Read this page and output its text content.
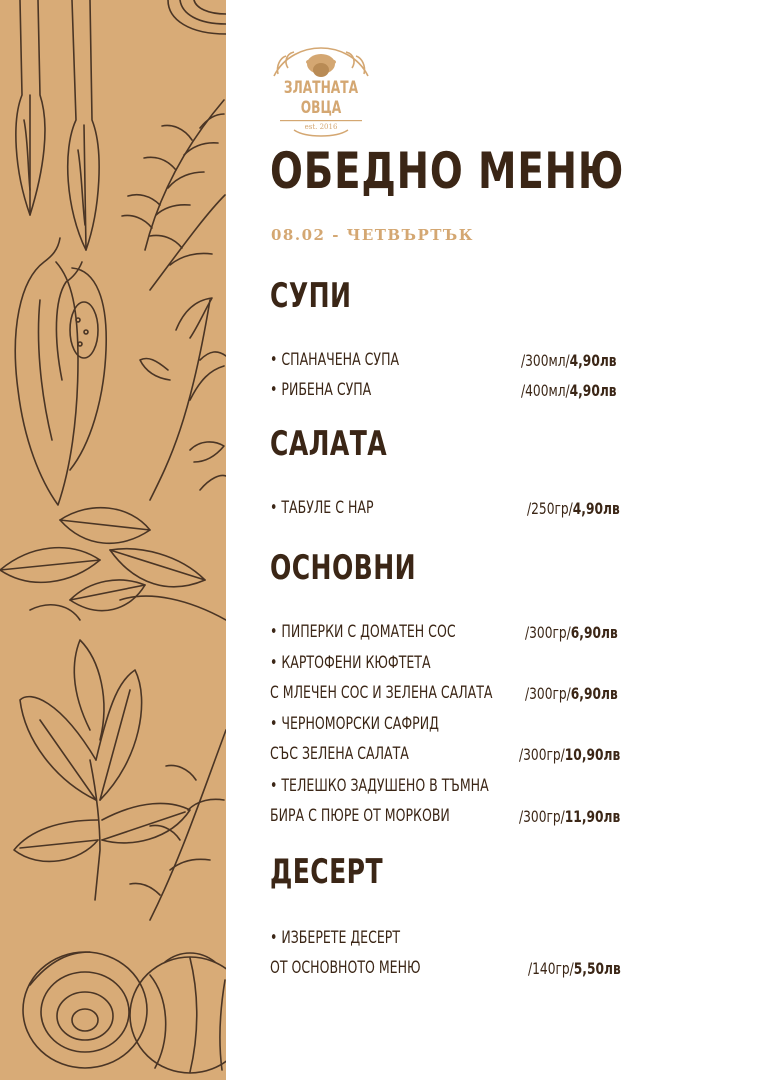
ЗЛАТНАТА
ОВЦА
est. 2016
ОБЕДНО МЕНЮ
08.02 - ЧЕТВЪРТЪК
СУПИ
• СПАНАЧЕНА СУПА	/300мл/4,90лв
• РИБЕНА СУПА	/400мл/4,90лв
САЛАТА
• ТАБУЛЕ С НАР	/250гр/4,90лв
ОСНОВНИ
• ПИПЕРКИ С ДОМАТЕН СОС	/300гр/6,90лв
• КАРТОФЕНИ КЮФТЕТА
С МЛЕЧЕН СОС И ЗЕЛЕНА САЛАТА /300гр/6,90лв
• ЧЕРНОМОРСКИ САФРИД
СЪС ЗЕЛЕНА САЛАТА	/300гр/10,90лв
• ТЕЛЕШКО ЗАДУШЕНО В ТЪМНА
БИРА С ПЮРЕ ОТ МОРКОВИ	/300гр/11,90лв
ДЕСЕРТ
• ИЗБЕРЕТЕ ДЕСЕРТ
ОТ ОСНОВНОТО МЕНЮ	/140гр/5,50лв
